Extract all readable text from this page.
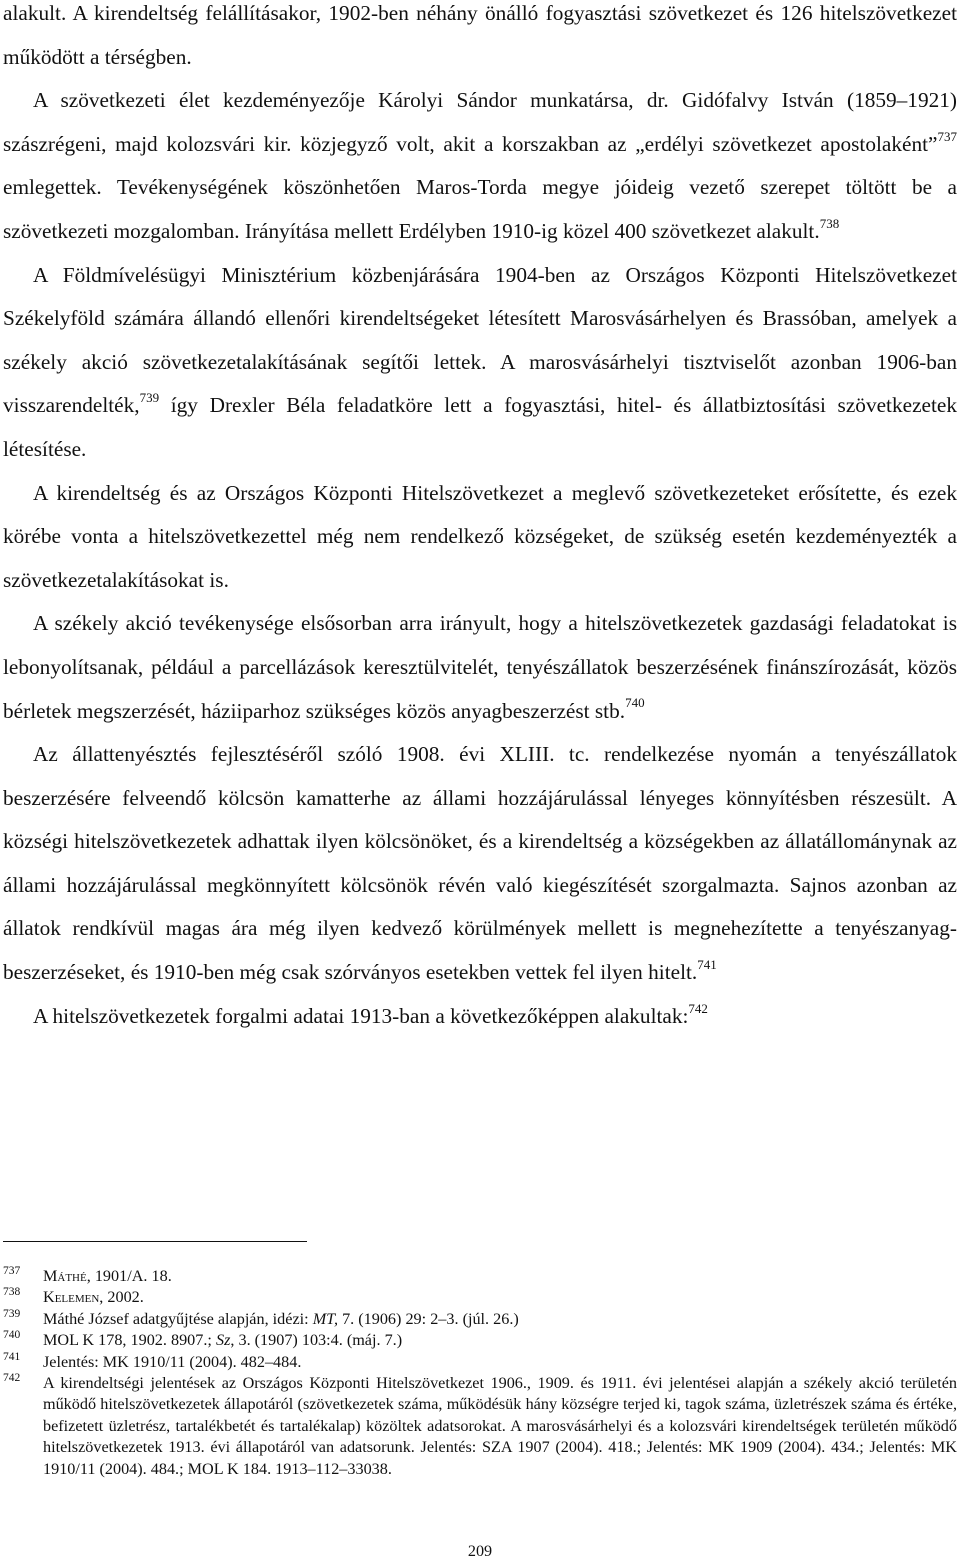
alakult. A kirendeltség felállításakor, 1902-ben néhány önálló fogyasztási szövetkezet és 126 hitelszövetkezet működött a térségben.

A szövetkezeti élet kezdeményezője Károlyi Sándor munkatársa, dr. Gidófalvy István (1859–1921) szászrégeni, majd kolozsvári kir. közjegyző volt, akit a korszakban az „erdélyi szövetkezet apostolaként”$^{737}$ emlegettek. Tevékenységének köszönhetően Maros-Torda megye jóideig vezető szerepet töltött be a szövetkezeti mozgalomban. Irányítása mellett Erdélyben 1910-ig közel 400 szövetkezet alakult.$^{738}$

A Földmívelésügyi Minisztérium közbenjárására 1904-ben az Országos Központi Hitelszövetkezet Székelyföld számára állandó ellenőri kirendeltségeket létesített Marosvásárhelyen és Brassóban, amelyek a székely akció szövetkezetalakításának segítői lettek. A marosvásárhelyi tisztviselőt azonban 1906-ban visszarendelték,$^{739}$ így Drexler Béla feladatköre lett a fogyasztási, hitel- és állatbiztosítási szövetkezetek létesítése.

A kirendeltség és az Országos Központi Hitelszövetkezet a meglevő szövetkezeteket erősítette, és ezek körébe vonta a hitelszövetkezettel még nem rendelkező községeket, de szükség esetén kezdeményezték a szövetkezetalakításokat is.

A székely akció tevékenysége elsősorban arra irányult, hogy a hitelszövetkezetek gazdasági feladatokat is lebonyolítsanak, például a parcellázások keresztülvitelét, tenyészállatok beszerzésének finánszírozását, közös bérletek megszerzését, háziiparhoz szükséges közös anyagbeszerzést stb.$^{740}$

Az állattenyésztés fejlesztéséről szóló 1908. évi XLIII. tc. rendelkezése nyomán a tenyészállatok beszerzésére felveendő kölcsön kamatterhe az állami hozzájárulással lényeges könnyítésben részesült. A községi hitelszövetkezetek adhattak ilyen kölcsönöket, és a kirendeltség a községekben az állatállománynak az állami hozzájárulással megkönnyített kölcsönök révén való kiegészítését szorgalmazta. Sajnos azonban az állatok rendkívül magas ára még ilyen kedvező körülmények mellett is megnehezítette a tenyészanyag-beszerzéseket, és 1910-ben még csak szórványos esetekben vettek fel ilyen hitelt.$^{741}$

A hitelszövetkezetek forgalmi adatai 1913-ban a következőképpen alakultak:$^{742}$

737	Máthé, 1901/A. 18.
738	Kelemen, 2002.
739	Máthé József adatgyűjtése alapján, idézi: MT, 7. (1906) 29: 2–3. (júl. 26.)
740	MOL K 178, 1902. 8907.; Sz, 3. (1907) 103:4. (máj. 7.)
741	Jelentés: MK 1910/11 (2004). 482–484.
742	A kirendeltségi jelentések az Országos Központi Hitelszövetkezet 1906., 1909. és 1911. évi jelentései alapján a székely akció területén működő hitelszövetkezetek állapotáról (szövetkezetek száma, működésük hány községre terjed ki, tagok száma, üzletrészek száma és értéke, befizetett üzletrész, tartalékbetét és tartalékalap) közöltek adatsorokat. A marosvásárhelyi és a kolozsvári kirendeltségek területén működő hitelszövetkezetek 1913. évi állapotáról van adatsorunk. Jelentés: SZA 1907 (2004). 418.; Jelentés: MK 1909 (2004). 434.; Jelentés: MK 1910/11 (2004). 484.; MOL K 184. 1913–112–33038.
209
